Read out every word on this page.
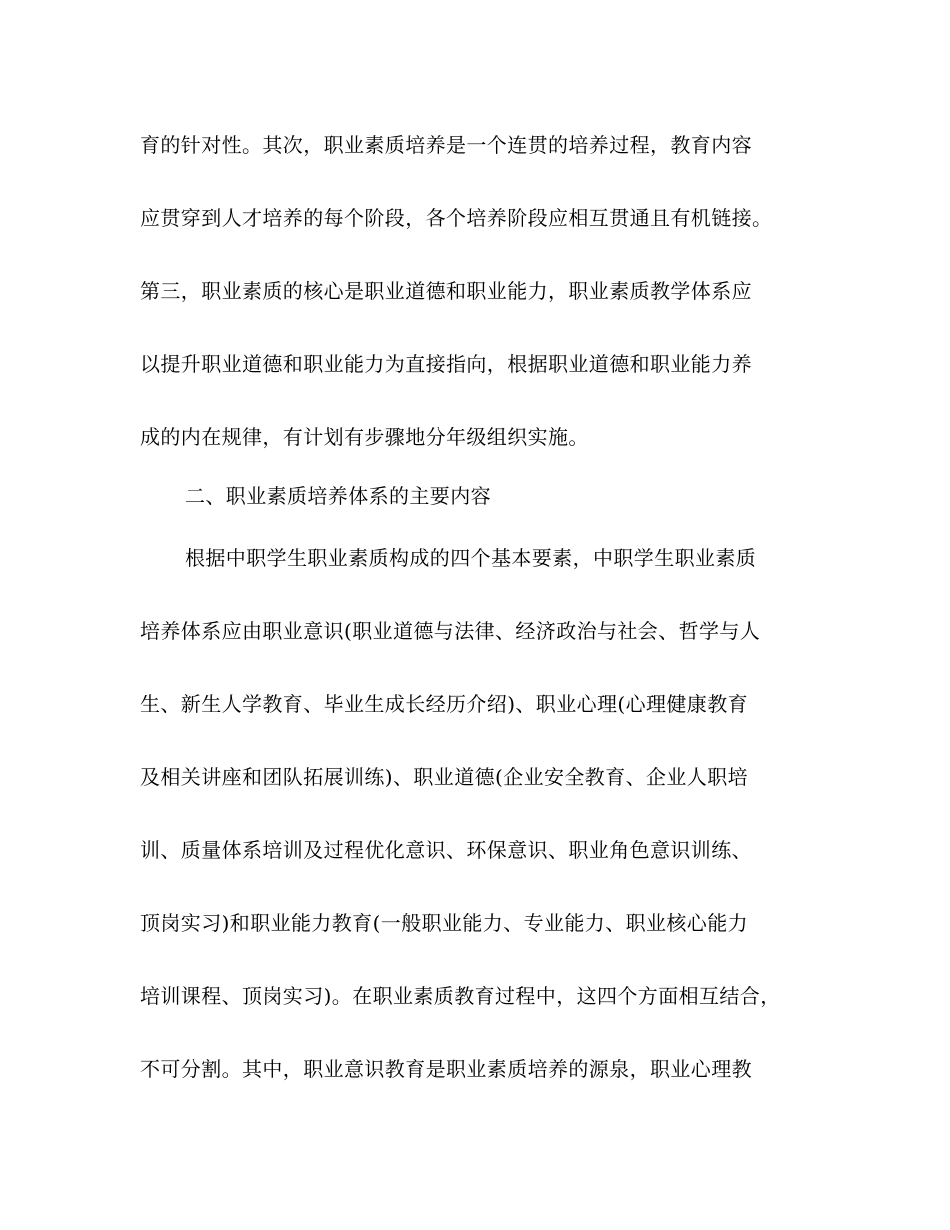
育的针对性。其次，职业素质培养是一个连贯的培养过程，教育内容
应贯穿到人才培养的每个阶段，各个培养阶段应相互贯通且有机链接。
第三，职业素质的核心是职业道德和职业能力，职业素质教学体系应
以提升职业道德和职业能力为直接指向，根据职业道德和职业能力养
成的内在规律，有计划有步骤地分年级组织实施。
二、职业素质培养体系的主要内容
根据中职学生职业素质构成的四个基本要素，中职学生职业素质
培养体系应由职业意识(职业道德与法律、经济政治与社会、哲学与人
生、新生人学教育、毕业生成长经历介绍)、职业心理(心理健康教育
及相关讲座和团队拓展训练)、职业道德(企业安全教育、企业人职培
训、质量体系培训及过程优化意识、环保意识、职业角色意识训练、
顶岗实习)和职业能力教育(一般职业能力、专业能力、职业核心能力
培训课程、顶岗实习)。在职业素质教育过程中，这四个方面相互结合，
不可分割。其中，职业意识教育是职业素质培养的源泉，职业心理教
